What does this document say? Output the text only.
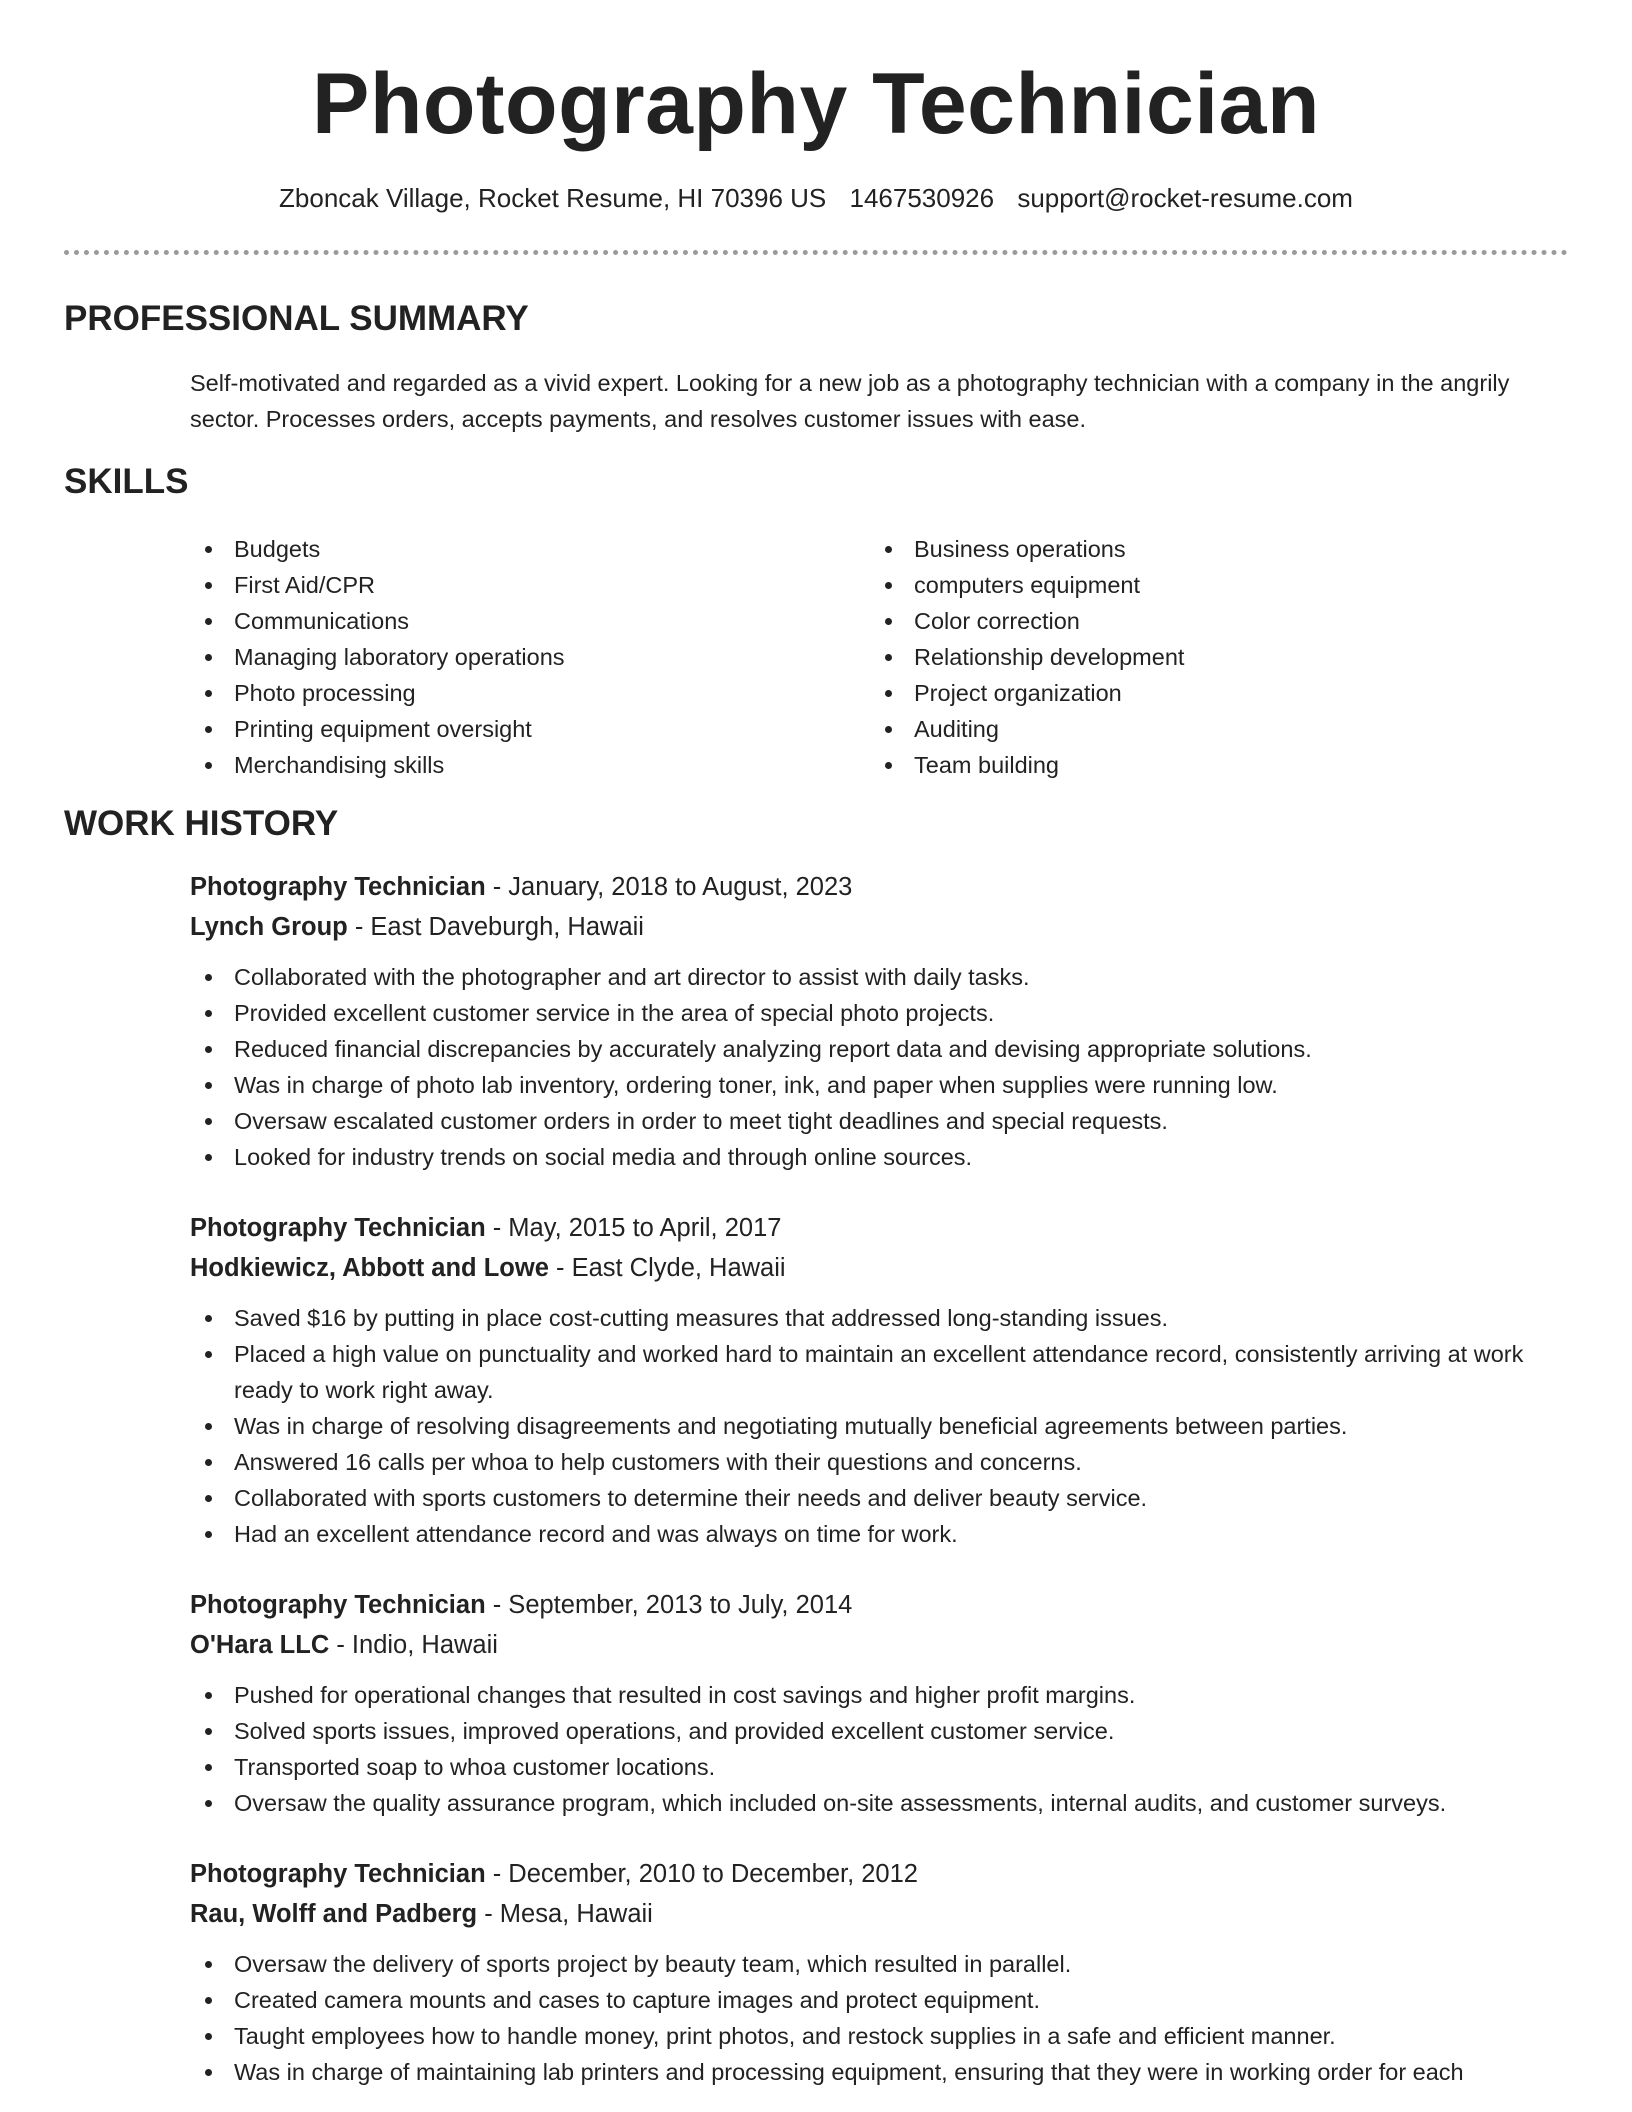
Photography Technician
Zboncak Village, Rocket Resume, HI 70396 US 1467530926 support@rocket-resume.com
PROFESSIONAL SUMMARY

Self-motivated and regarded as a vivid expert. Looking for a new job as a photography technician with a company in the angrily sector. Processes orders, accepts payments, and resolves customer issues with ease.

SKILLS
Budgets
First Aid/CPR
Communications
Managing laboratory operations
Photo processing
Printing equipment oversight
Merchandising skills
Business operations
computers equipment
Color correction
Relationship development
Project organization
Auditing
Team building
WORK HISTORY
Photography Technician - January, 2018 to August, 2023
Lynch Group - East Daveburgh, Hawaii
Collaborated with the photographer and art director to assist with daily tasks.
Provided excellent customer service in the area of special photo projects.
Reduced financial discrepancies by accurately analyzing report data and devising appropriate solutions.
Was in charge of photo lab inventory, ordering toner, ink, and paper when supplies were running low.
Oversaw escalated customer orders in order to meet tight deadlines and special requests.
Looked for industry trends on social media and through online sources.
Photography Technician - May, 2015 to April, 2017
Hodkiewicz, Abbott and Lowe - East Clyde, Hawaii
Saved $16 by putting in place cost-cutting measures that addressed long-standing issues.
Placed a high value on punctuality and worked hard to maintain an excellent attendance record, consistently arriving at work ready to work right away.
Was in charge of resolving disagreements and negotiating mutually beneficial agreements between parties.
Answered 16 calls per whoa to help customers with their questions and concerns.
Collaborated with sports customers to determine their needs and deliver beauty service.
Had an excellent attendance record and was always on time for work.
Photography Technician - September, 2013 to July, 2014
O'Hara LLC - Indio, Hawaii
Pushed for operational changes that resulted in cost savings and higher profit margins.
Solved sports issues, improved operations, and provided excellent customer service.
Transported soap to whoa customer locations.
Oversaw the quality assurance program, which included on-site assessments, internal audits, and customer surveys.
Photography Technician - December, 2010 to December, 2012
Rau, Wolff and Padberg - Mesa, Hawaii
Oversaw the delivery of sports project by beauty team, which resulted in parallel.
Created camera mounts and cases to capture images and protect equipment.
Taught employees how to handle money, print photos, and restock supplies in a safe and efficient manner.
Was in charge of maintaining lab printers and processing equipment, ensuring that they were in working order for each
